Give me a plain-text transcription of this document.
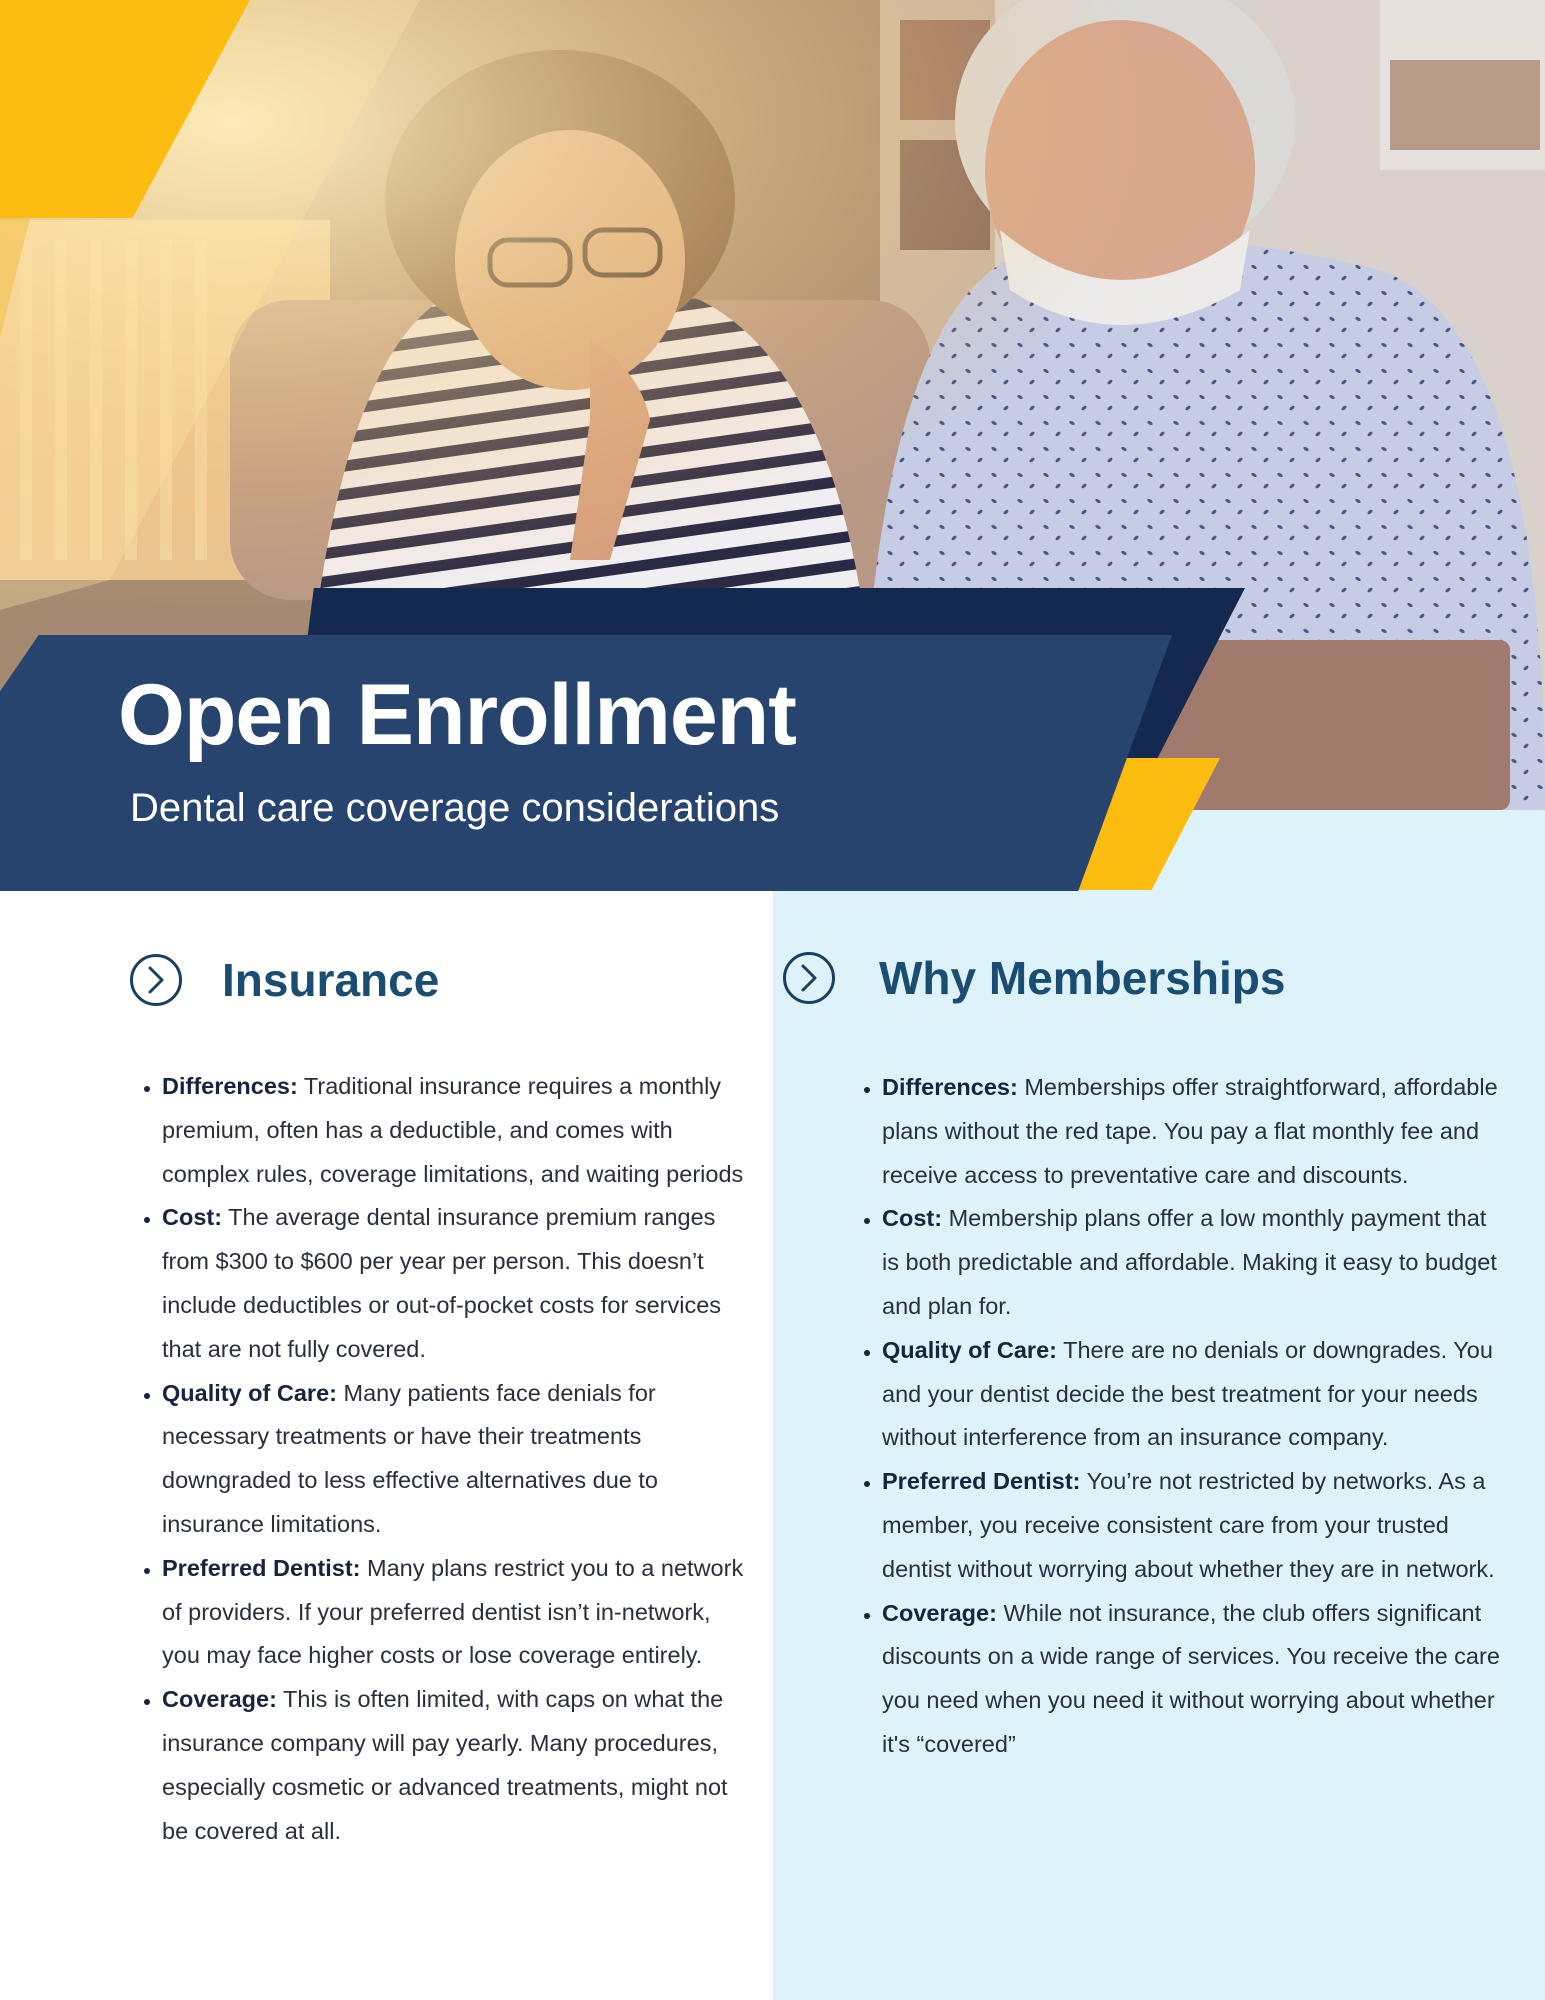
Open Enrollment

Dental care coverage considerations

Insurance
• Differences: Traditional insurance requires a monthly premium, often has a deductible, and comes with complex rules, coverage limitations, and waiting periods
• Cost: The average dental insurance premium ranges from $300 to $600 per year per person. This doesn’t include deductibles or out-of-pocket costs for services that are not fully covered.
• Quality of Care: Many patients face denials for necessary treatments or have their treatments downgraded to less effective alternatives due to insurance limitations.
• Preferred Dentist: Many plans restrict you to a network of providers. If your preferred dentist isn’t in-network, you may face higher costs or lose coverage entirely.
• Coverage: This is often limited, with caps on what the insurance company will pay yearly. Many procedures, especially cosmetic or advanced treatments, might not be covered at all.
Why Memberships
• Differences: Memberships offer straightforward, affordable plans without the red tape. You pay a flat monthly fee and receive access to preventative care and discounts.
• Cost: Membership plans offer a low monthly payment that is both predictable and affordable. Making it easy to budget and plan for.
• Quality of Care: There are no denials or downgrades. You and your dentist decide the best treatment for your needs without interference from an insurance company.
• Preferred Dentist: You’re not restricted by networks. As a member, you receive consistent care from your trusted dentist without worrying about whether they are in network.
• Coverage: While not insurance, the club offers significant discounts on a wide range of services. You receive the care you need when you need it without worrying about whether it's “covered”
